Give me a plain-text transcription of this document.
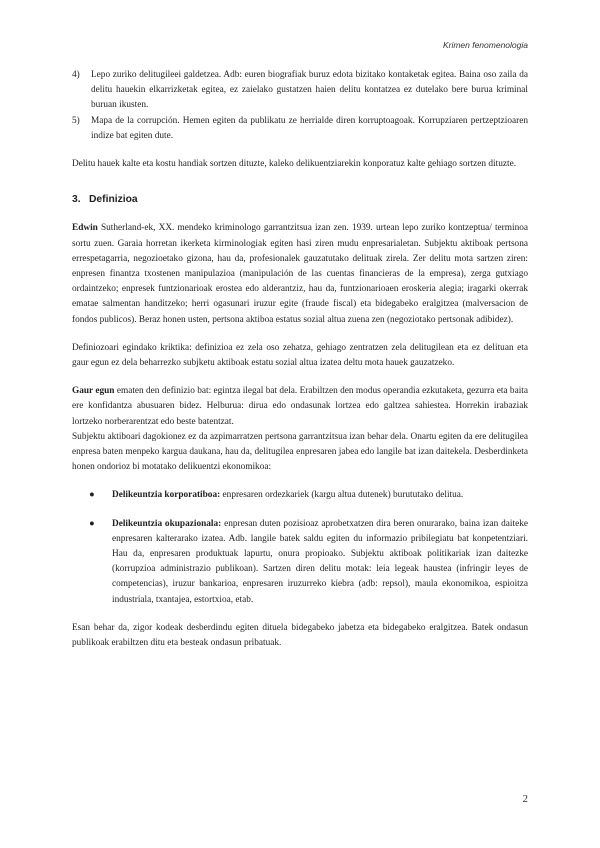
Krimen fenomenologia
4) Lepo zuriko delitugileei galdetzea. Adb: euren biografiak buruz edota bizitako kontaketak egitea. Baina oso zaila da delitu hauekin elkarrizketak egitea, ez zaielako gustatzen haien delitu kontatzea ez dutelako bere burua kriminal buruan ikusten.
5) Mapa de la corrupción. Hemen egiten da publikatu ze herrialde diren korruptoagoak. Korrupziaren pertzeptzioaren indize bat egiten dute.

Delitu hauek kalte eta kostu handiak sortzen dituzte, kaleko delikuentziarekin konporatuz kalte gehiago sortzen dituzte.

3. Definizioa

Edwin Sutherland-ek, XX. mendeko kriminologo garrantzitsua izan zen. 1939. urtean lepo zuriko kontzeptua/ terminoa sortu zuen. Garaia horretan ikerketa kirminologiak egiten hasi ziren mudu enpresarialetan. Subjektu aktiboak pertsona errespetagarria, negozioetako gizona, hau da, profesionalek gauzatutako delituak zirela. Zer delitu mota sartzen ziren: enpresen finantza txostenen manipulazioa (manipulación de las cuentas financieras de la empresa), zerga gutxiago ordaintzeko; enpresek funtzionarioak erostea edo alderantziz, hau da, funtzionarioaen eroskeria alegia; iragarki okerrak ematae salmentan handitzeko; herri ogasunari iruzur egite (fraude fiscal) eta bidegabeko eralgitzea (malversacion de fondos publicos). Beraz honen usten, pertsona aktiboa estatus sozial altua zuena zen (negoziotako pertsonak adibidez).

Definiozoari egindako kriktika: definizioa ez zela oso zehatza, gehiago zentratzen zela delitugilean eta ez delituan eta gaur egun ez dela beharrezko subjketu aktiboak estatu sozial altua izatea deltu mota hauek gauzatzeko.

Gaur egun ematen den definizio bat: egintza ilegal bat dela. Erabiltzen den modus operandia ezkutaketa, gezurra eta baita ere konfidantza abusuaren bidez. Helburua: dirua edo ondasunak lortzea edo galtzea sahiestea. Horrekin irabaziak lortzeko norberarentzat edo beste batentzat.

Subjektu aktiboari dagokionez ez da azpimarratzen pertsona garrantzitsua izan behar dela. Onartu egiten da ere delitugilea enpresa baten menpeko kargua daukana, hau da, delitugilea enpresaren jabea edo langile bat izan daitekela. Desberdinketa honen ondorioz bi motatako delikuentzi ekonomikoa:

● Delikeuntzia korporatiboa: enpresaren ordezkariek (kargu altua dutenek) burututako delitua.
● Delikeuntzia okupazionala: enpresan duten pozisioaz aprobetxatzen dira beren onurarako, baina izan daiteke enpresaren kalterarako izatea. Adb. langile batek saldu egiten du informazio pribilegiatu bat konpetentziari. Hau da, enpresaren produktuak lapurtu, onura propioako. Subjektu aktiboak politikariak izan daitezke (korrupzioa administrazio publikoan). Sartzen diren delitu motak: leia legeak haustea (infringir leyes de competencias), iruzur bankarioa, enpresaren iruzurreko kiebra (adb: repsol), maula ekonomikoa, espioitza industriala, txantajea, estortxioa, etab.

Esan behar da, zigor kodeak desberdindu egiten dituela bidegabeko jabetza eta bidegabeko eralgitzea. Batek ondasun publikoak erabiltzen ditu eta besteak ondasun pribatuak.

2
